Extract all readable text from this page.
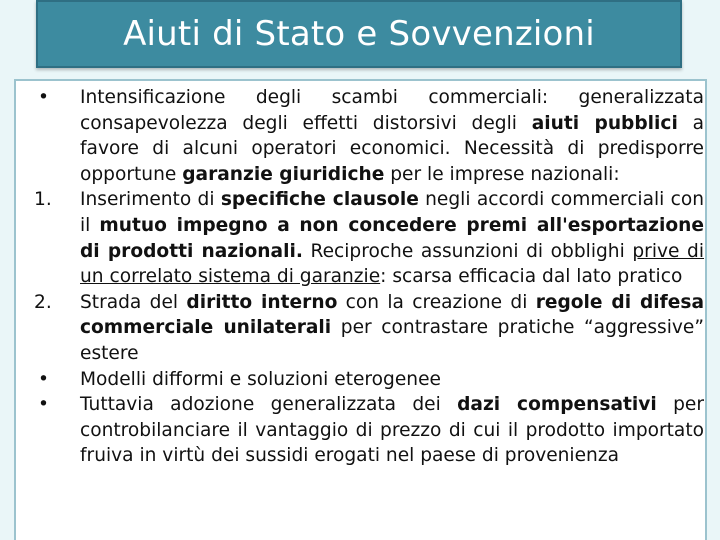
Aiuti di Stato e Sovvenzioni
•	Intensificazione degli scambi commerciali: generalizzata consapevolezza degli effetti distorsivi degli aiuti pubblici a favore di alcuni operatori economici. Necessità di predisporre opportune garanzie giuridiche per le imprese nazionali:
1.	Inserimento di specifiche clausole negli accordi commerciali con il mutuo impegno a non concedere premi all'esportazione di prodotti nazionali. Reciproche assunzioni di obblighi prive di un correlato sistema di garanzie: scarsa efficacia dal lato pratico
2.	Strada del diritto interno con la creazione di regole di difesa commerciale unilaterali per contrastare pratiche “aggressive” estere
•	Modelli difformi e soluzioni eterogenee
•	Tuttavia adozione generalizzata dei dazi compensativi per controbilanciare il vantaggio di prezzo di cui il prodotto importato fruiva in virtù dei sussidi erogati nel paese di provenienza
